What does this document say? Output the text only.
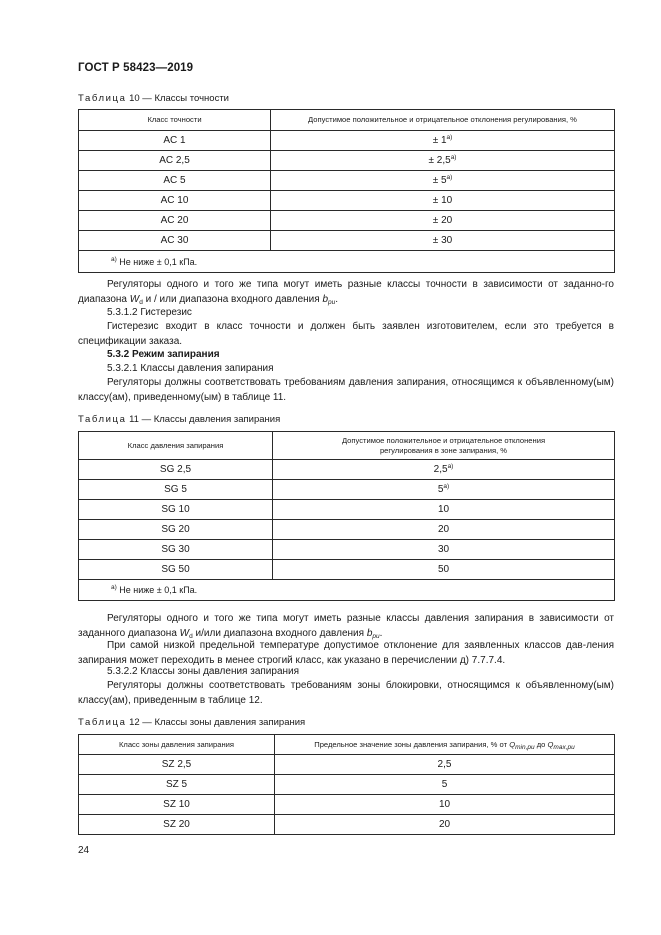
ГОСТ Р 58423—2019
Таблица 10 — Классы точности
Класс точности	Допустимое положительное и отрицательное отклонения регулирования, %
AC 1	± $1^{a)}$
AC 2,5	± $2,5^{a)}$
AC 5	± $5^{a)}$
AC 10	± 10
AC 20	± 20
AC 30	± 30
$^{a)}$ Не ниже ± 0,1 кПа.	
Регуляторы одного и того же типа могут иметь разные классы точности в зависимости от заданно-го диапазона $W_d$ и / или диапазона входного давления $b_{pu}$.
5.3.1.2 Гистерезис
Гистерезис входит в класс точности и должен быть заявлен изготовителем, если это требуется в спецификации заказа.
5.3.2 Режим запирания
5.3.2.1 Классы давления запирания
Регуляторы должны соответствовать требованиям давления запирания, относящимся к объявленному(ым) классу(ам), приведенному(ым) в таблице 11.
Таблица 11 — Классы давления запирания
Класс давления запирания	Допустимое положительное и отрицательное отклонения
регулирования в зоне запирания, %
SG 2,5	2,5$^{a)}$
SG 5	5$^{a)}$
SG 10	10
SG 20	20
SG 30	30
SG 50	50
$^{a)}$ Не ниже ± 0,1 кПа.	
Регуляторы одного и того же типа могут иметь разные классы давления запирания в зависимости от заданного диапазона $W_d$ и/или диапазона входного давления $b_{pu}$.
При самой низкой предельной температуре допустимое отклонение для заявленных классов дав-ления запирания может переходить в менее строгий класс, как указано в перечислении д) 7.7.7.4.
5.3.2.2 Классы зоны давления запирания
Регуляторы должны соответствовать требованиям зоны блокировки, относящимся к объявленному(ым) классу(ам), приведенным в таблице 12.
Таблица 12 — Классы зоны давления запирания
Класс зоны давления запирания	Предельное значение зоны давления запирания, % от $Q_{min,pu}$ до $Q_{max,pu}$
SZ 2,5	2,5
SZ 5	5
SZ 10	10
SZ 20	20
24
